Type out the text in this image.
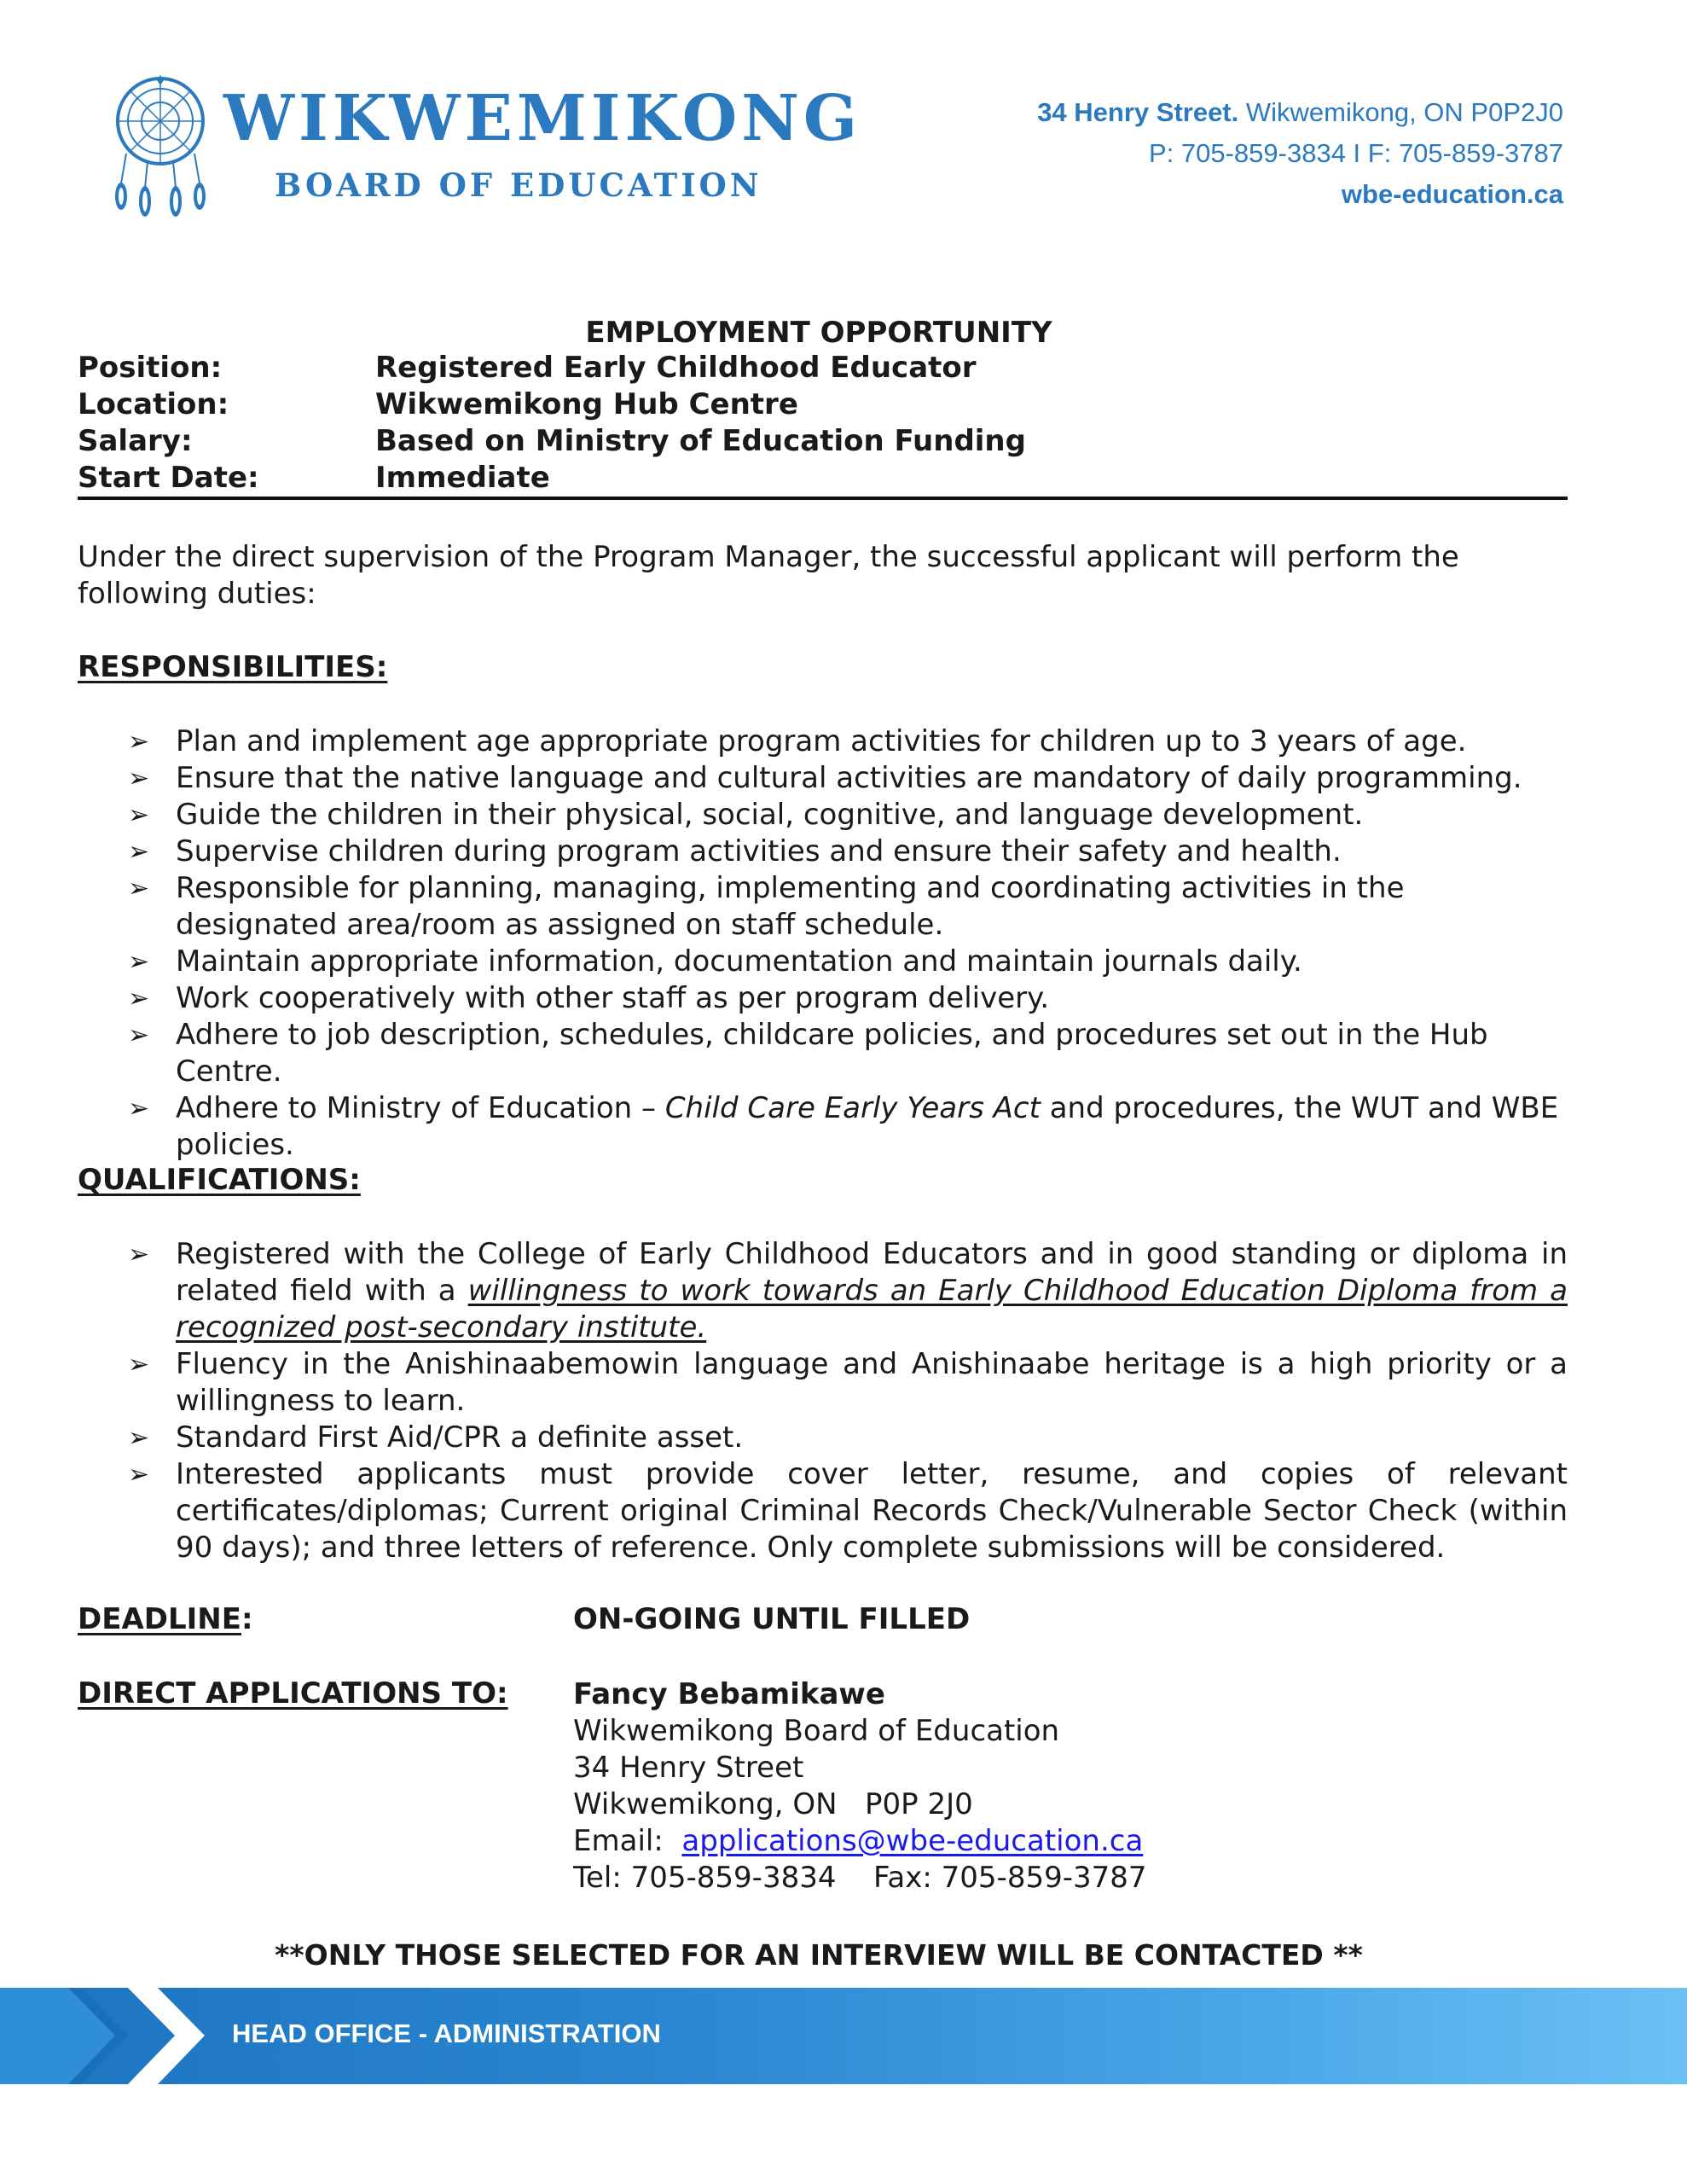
WIKWEMIKONG
BOARD OF EDUCATION
34 Henry Street. Wikwemikong, ON P0P2J0
P: 705-859-3834 I F: 705-859-3787
wbe-education.ca
EMPLOYMENT OPPORTUNITY
Position:	Registered Early Childhood Educator
Location:	Wikwemikong Hub Centre
Salary:	Based on Ministry of Education Funding
Start Date:	Immediate
Under the direct supervision of the Program Manager, the successful applicant will perform the following duties:
RESPONSIBILITIES:
➢ Plan and implement age appropriate program activities for children up to 3 years of age.
➢ Ensure that the native language and cultural activities are mandatory of daily programming.
➢ Guide the children in their physical, social, cognitive, and language development.
➢ Supervise children during program activities and ensure their safety and health.
➢ Responsible for planning, managing, implementing and coordinating activities in the designated area/room as assigned on staff schedule.
➢ Maintain appropriate information, documentation and maintain journals daily.
➢ Work cooperatively with other staff as per program delivery.
➢ Adhere to job description, schedules, childcare policies, and procedures set out in the Hub Centre.
➢ Adhere to Ministry of Education – Child Care Early Years Act and procedures, the WUT and WBE policies.
QUALIFICATIONS:
➢ Registered with the College of Early Childhood Educators and in good standing or diploma in related field with a willingness to work towards an Early Childhood Education Diploma from a recognized post-secondary institute.
➢ Fluency in the Anishinaabemowin language and Anishinaabe heritage is a high priority or a willingness to learn.
➢ Standard First Aid/CPR a definite asset.
➢ Interested applicants must provide cover letter, resume, and copies of relevant certificates/diplomas; Current original Criminal Records Check/Vulnerable Sector Check (within 90 days); and three letters of reference. Only complete submissions will be considered.
DEADLINE:	ON-GOING UNTIL FILLED
DIRECT APPLICATIONS TO: Fancy Bebamikawe
Wikwemikong Board of Education
34 Henry Street
Wikwemikong, ON P0P 2J0
Email: applications@wbe-education.ca
Tel: 705-859-3834 Fax: 705-859-3787
**ONLY THOSE SELECTED FOR AN INTERVIEW WILL BE CONTACTED **
HEAD OFFICE - ADMINISTRATION
